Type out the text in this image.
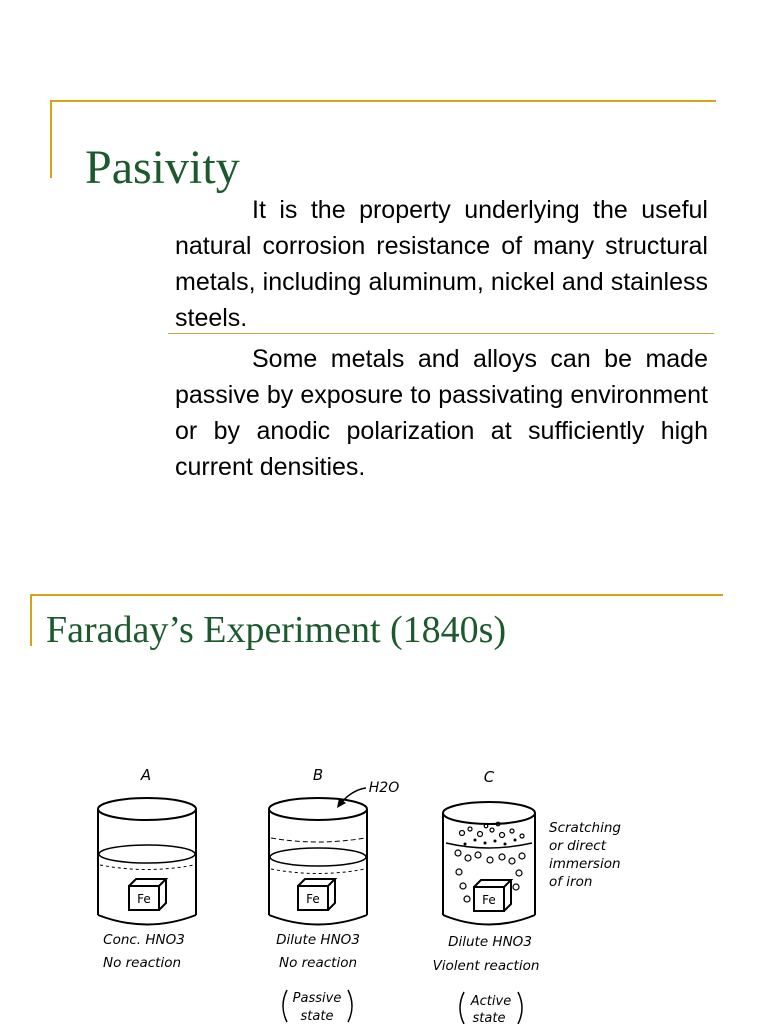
Pasivity

It is the property underlying the useful natural corrosion resistance of many structural metals, including aluminum, nickel and stainless steels.

Some metals and alloys can be made passive by exposure to passivating environment or by anodic polarization at sufficiently high current densities.

Faraday’s Experiment (1840s)
A
Fe
Conc. HNO3
No reaction
B
H2O
Fe
Dilute HNO3
No reaction
Passive
state
C
Fe
Scratching
or direct
immersion
of iron
Dilute HNO3
Violent reaction
Active
state
